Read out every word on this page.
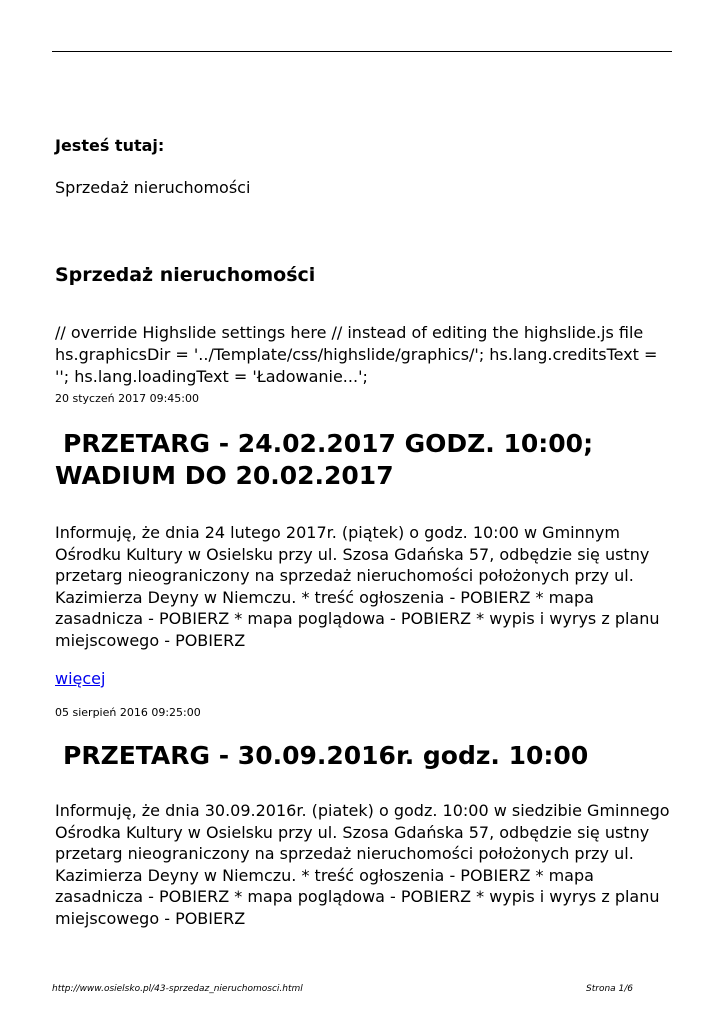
Jesteś tutaj:

Sprzedaż nieruchomości

Sprzedaż nieruchomości

// override Highslide settings here // instead of editing the highslide.js file hs.graphicsDir = '../Template/css/highslide/graphics/'; hs.lang.creditsText = ''; hs.lang.loadingText = 'Ładowanie...';

20 styczeń 2017 09:45:00

PRZETARG - 24.02.2017 GODZ. 10:00;
WADIUM DO 20.02.2017

Informuję, że dnia 24 lutego 2017r. (piątek) o godz. 10:00 w Gminnym Ośrodku Kultury w Osielsku przy ul. Szosa Gdańska 57, odbędzie się ustny przetarg nieograniczony na sprzedaż nieruchomości położonych przy ul. Kazimierza Deyny w Niemczu. * treść ogłoszenia - POBIERZ * mapa zasadnicza - POBIERZ * mapa poglądowa - POBIERZ * wypis i wyrys z planu miejscowego - POBIERZ

więcej

05 sierpień 2016 09:25:00

PRZETARG - 30.09.2016r. godz. 10:00

Informuję, że dnia 30.09.2016r. (piatek) o godz. 10:00 w siedzibie Gminnego Ośrodka Kultury w Osielsku przy ul. Szosa Gdańska 57, odbędzie się ustny przetarg nieograniczony na sprzedaż nieruchomości położonych przy ul. Kazimierza Deyny w Niemczu. * treść ogłoszenia - POBIERZ * mapa zasadnicza - POBIERZ * mapa poglądowa - POBIERZ * wypis i wyrys z planu miejscowego - POBIERZ

http://www.osielsko.pl/43-sprzedaz_nieruchomosci.html	Strona 1/6
